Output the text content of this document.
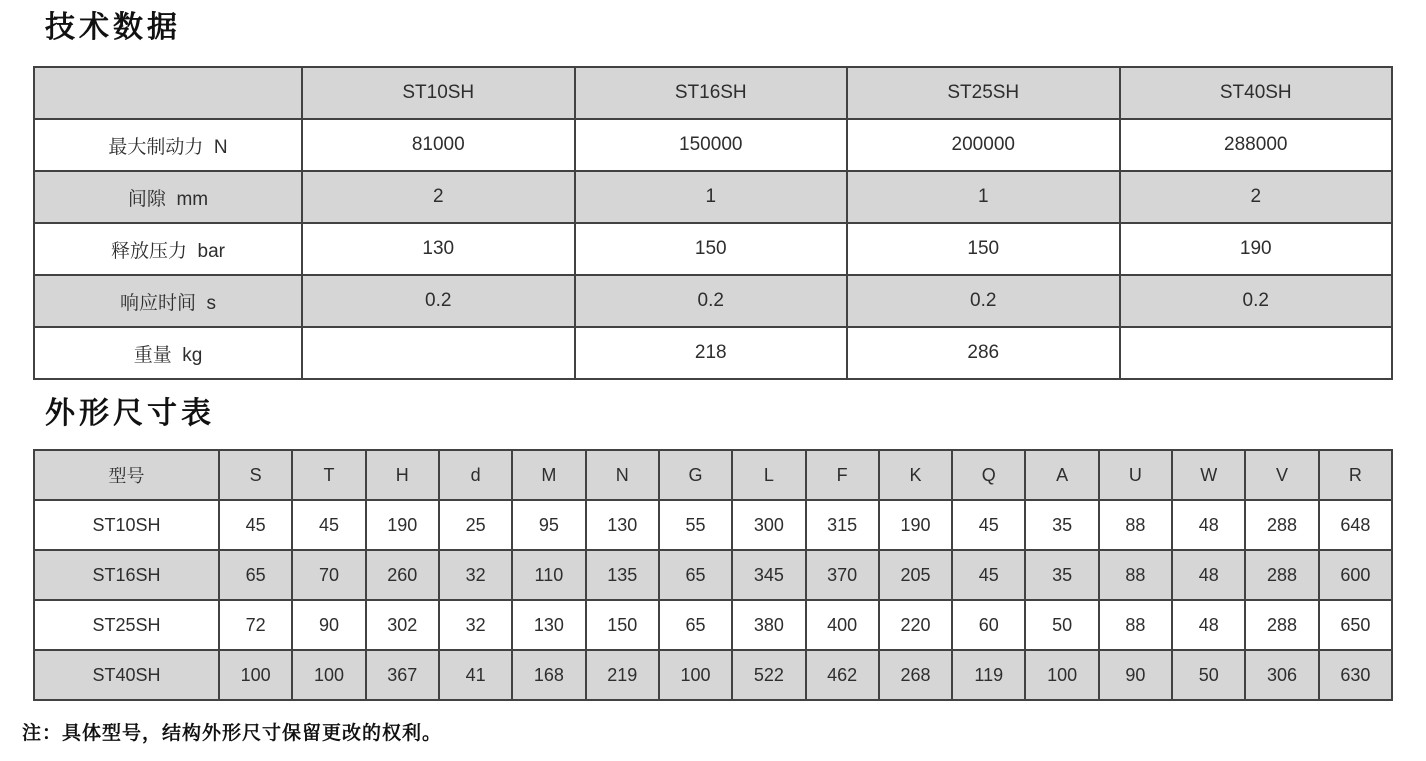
技术数据
	ST10SH	ST16SH	ST25SH	ST40SH
最大制动力  N	81000	150000	200000	288000
间隙  mm	2	1	1	2
释放压力  bar	130	150	150	190
响应时间  s	0.2	0.2	0.2	0.2
重量  kg		218	286	
外形尺寸表
型号	S	T	H	d	M	N	G	L	F	K	Q	A	U	W	V	R
ST10SH	45	45	190	25	95	130	55	300	315	190	45	35	88	48	288	648
ST16SH	65	70	260	32	110	135	65	345	370	205	45	35	88	48	288	600
ST25SH	72	90	302	32	130	150	65	380	400	220	60	50	88	48	288	650
ST40SH	100	100	367	41	168	219	100	522	462	268	119	100	90	50	306	630

注：具体型号，结构外形尺寸保留更改的权利。
